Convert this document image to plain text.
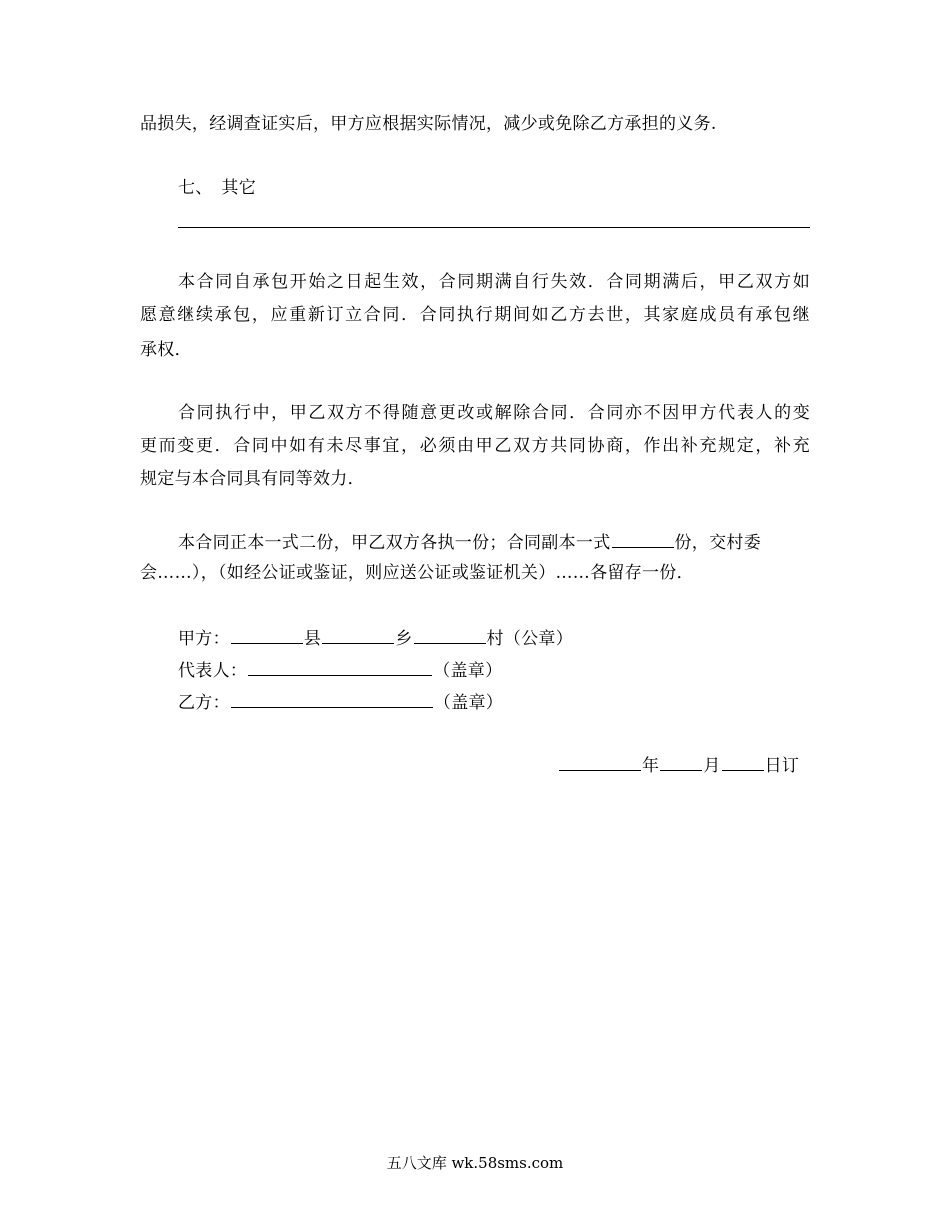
品损失，经调查证实后，甲方应根据实际情况，减少或免除乙方承担的义务.
七、　其它
本合同自承包开始之日起生效，合同期满自行失效．合同期满后，甲乙双方如
愿意继续承包，应重新订立合同．合同执行期间如乙方去世，其家庭成员有承包继
承权．
合同执行中，甲乙双方不得随意更改或解除合同．合同亦不因甲方代表人的变
更而变更．合同中如有未尽事宜，必须由甲乙双方共同协商，作出补充规定，补充
规定与本合同具有同等效力．
本合同正本一式二份，甲乙双方各执一份；合同副本一式	份，交村委
会……），（如经公证或鉴证，则应送公证或鉴证机关）……各留存一份．
甲方：	县	乡	村（公章）
代表人：	（盖章）
乙方：	（盖章）
年	月	日订
五八文库 wk.58sms.com
